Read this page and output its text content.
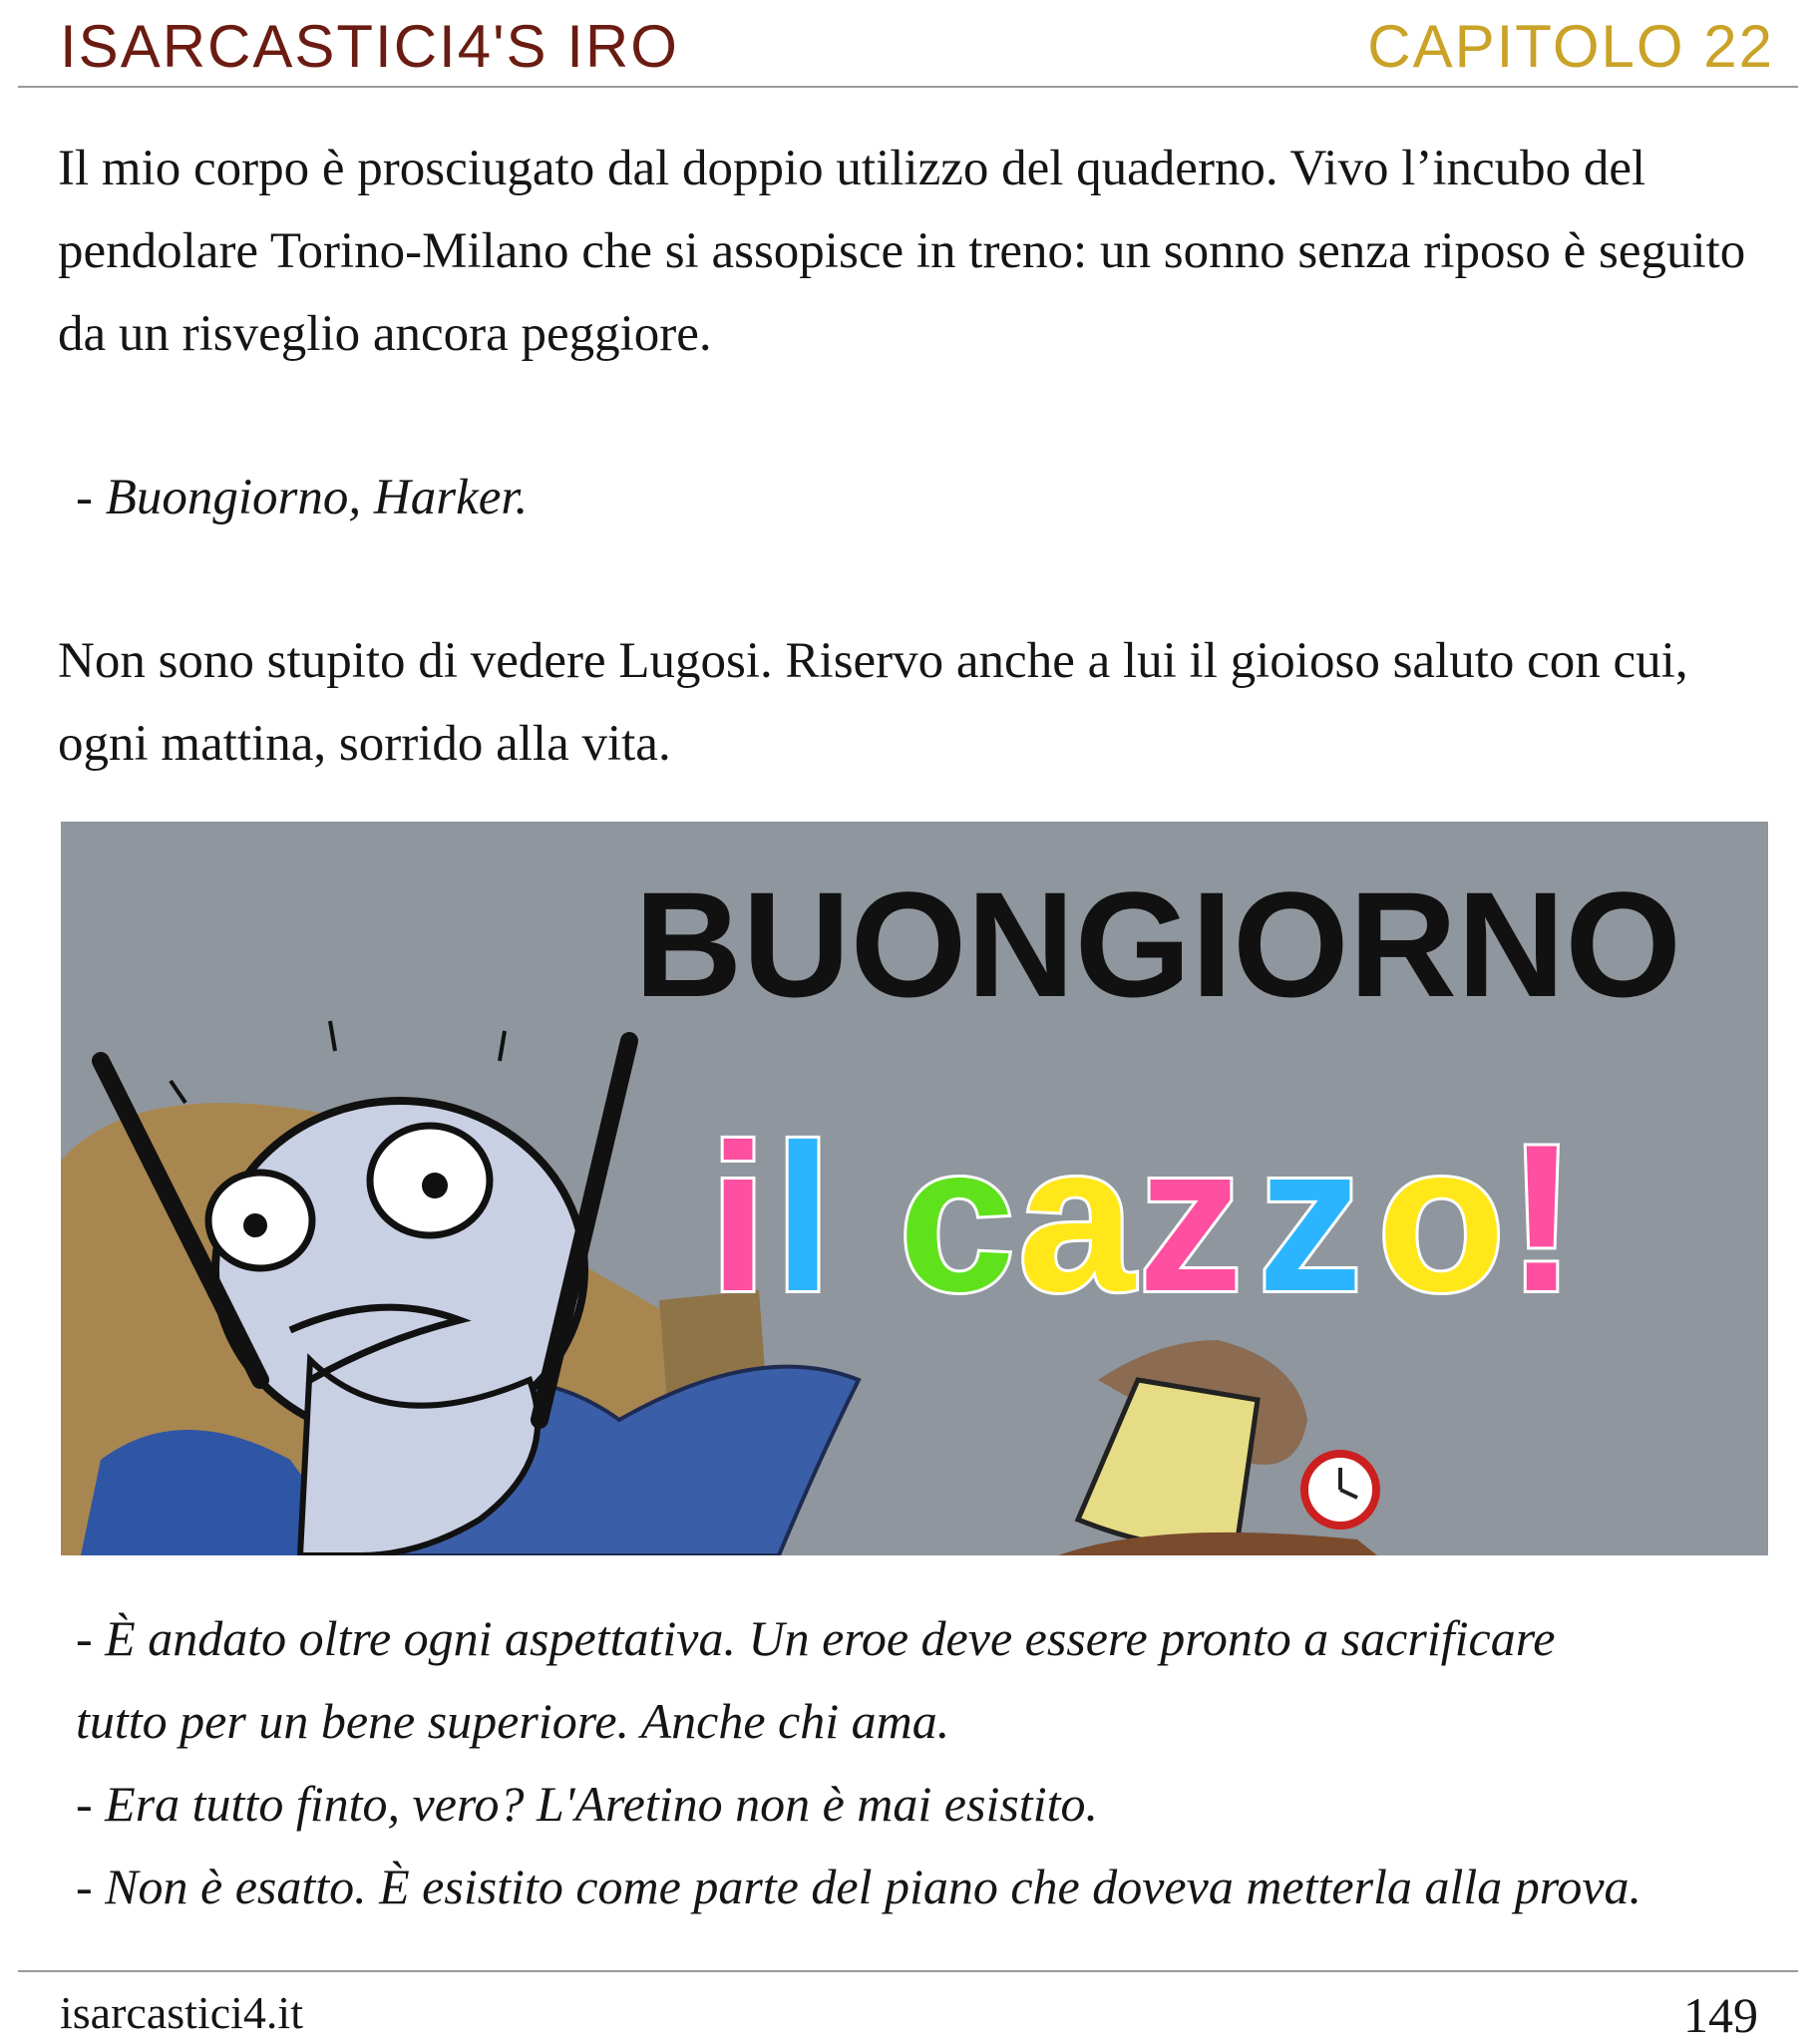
ISARCASTICI4'S IRO	CAPITOLO 22

Il mio corpo è prosciugato dal doppio utilizzo del quaderno. Vivo l’incubo del pendolare Torino-Milano che si assopisce in treno: un sonno senza riposo è seguito da un risveglio ancora peggiore.

- Buongiorno, Harker.

Non sono stupito di vedere Lugosi. Riservo anche a lui il gioioso saluto con cui, ogni mattina, sorrido alla vita.

BUONGIORNO
i l c a z z o !

- È andato oltre ogni aspettativa. Un eroe deve essere pronto a sacrificare

tutto per un bene superiore. Anche chi ama.

- Era tutto finto, vero? L'Aretino non è mai esistito.

- Non è esatto. È esistito come parte del piano che doveva metterla alla prova.

isarcastici4.it	149
